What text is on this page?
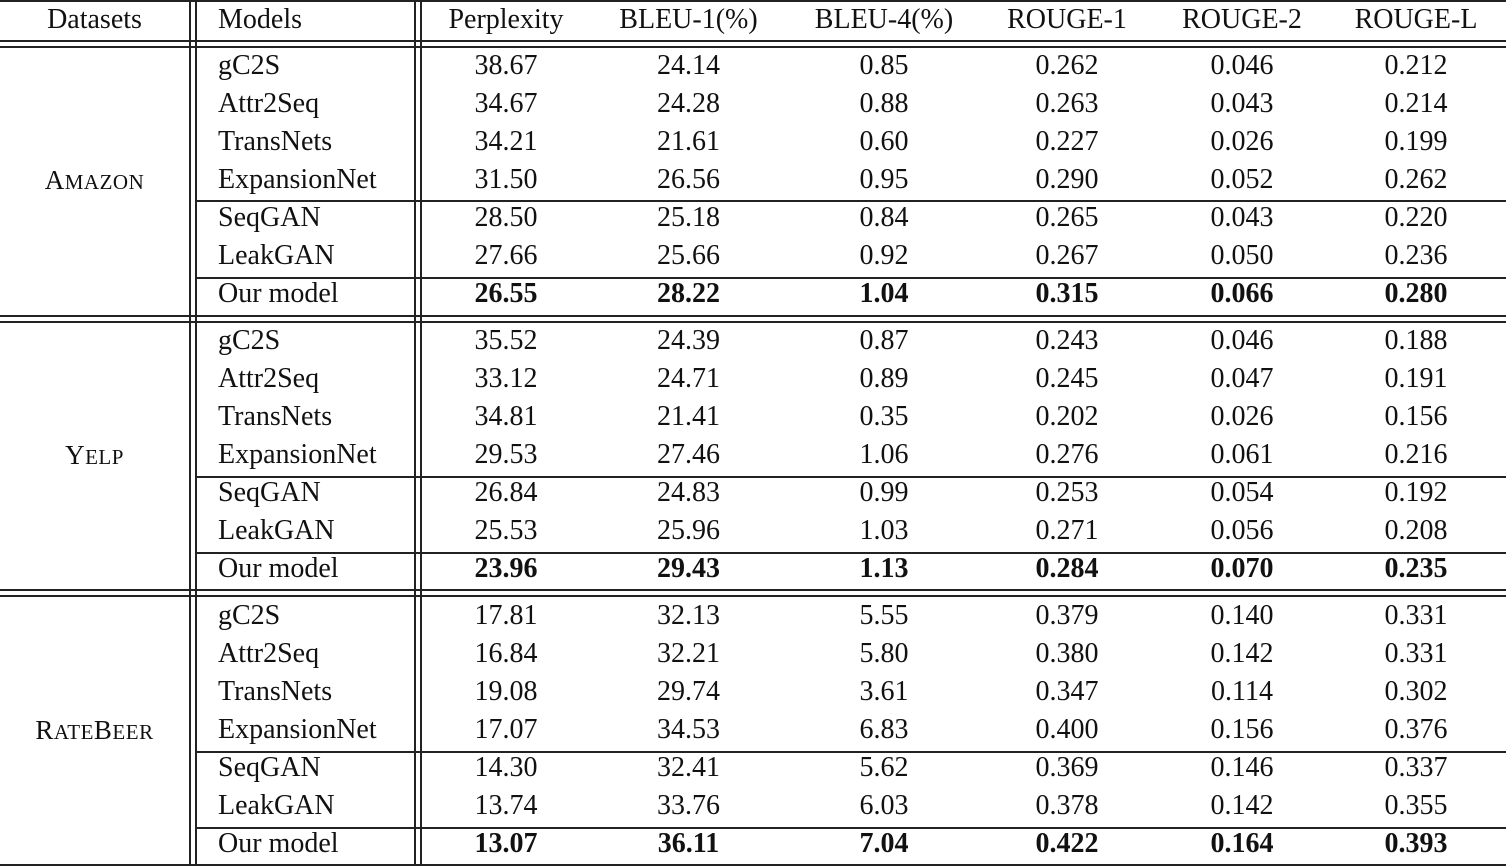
Datasets	Models	Perplexity	BLEU-1(%)	BLEU-4(%)	ROUGE-1	ROUGE-2	ROUGE-L
AMAZON
gC2S	38.67	24.14	0.85	0.262	0.046	0.212
Attr2Seq	34.67	24.28	0.88	0.263	0.043	0.214
TransNets	34.21	21.61	0.60	0.227	0.026	0.199
ExpansionNet	31.50	26.56	0.95	0.290	0.052	0.262
SeqGAN	28.50	25.18	0.84	0.265	0.043	0.220
LeakGAN	27.66	25.66	0.92	0.267	0.050	0.236
Our model	26.55	28.22	1.04	0.315	0.066	0.280
YELP
gC2S	35.52	24.39	0.87	0.243	0.046	0.188
Attr2Seq	33.12	24.71	0.89	0.245	0.047	0.191
TransNets	34.81	21.41	0.35	0.202	0.026	0.156
ExpansionNet	29.53	27.46	1.06	0.276	0.061	0.216
SeqGAN	26.84	24.83	0.99	0.253	0.054	0.192
LeakGAN	25.53	25.96	1.03	0.271	0.056	0.208
Our model	23.96	29.43	1.13	0.284	0.070	0.235
RATEBEER
gC2S	17.81	32.13	5.55	0.379	0.140	0.331
Attr2Seq	16.84	32.21	5.80	0.380	0.142	0.331
TransNets	19.08	29.74	3.61	0.347	0.114	0.302
ExpansionNet	17.07	34.53	6.83	0.400	0.156	0.376
SeqGAN	14.30	32.41	5.62	0.369	0.146	0.337
LeakGAN	13.74	33.76	6.03	0.378	0.142	0.355
Our model	13.07	36.11	7.04	0.422	0.164	0.393
